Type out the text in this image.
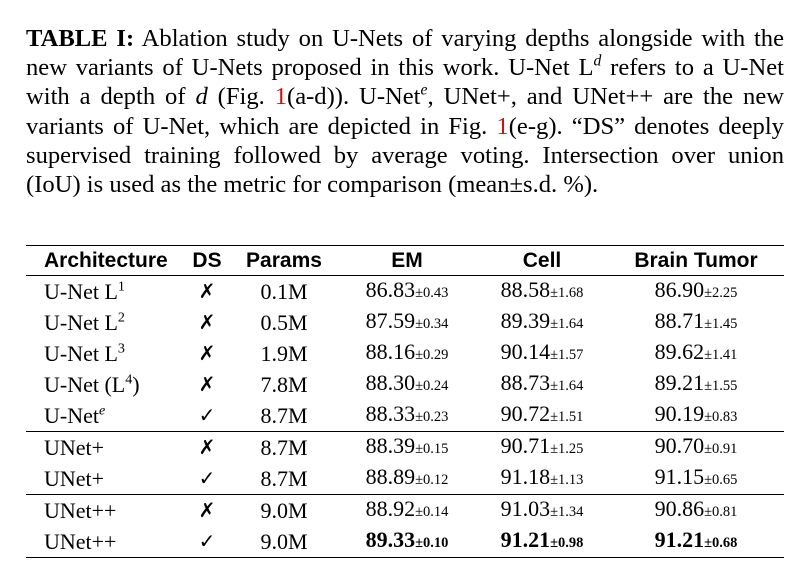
TABLE I: Ablation study on U-Nets of varying depths alongside with the new variants of U-Nets proposed in this work. U-Net $L^d$ refers to a U-Net with a depth of d (Fig. 1(a-d)). U-Net$^e$, UNet+, and UNet++ are the new variants of U-Net, which are depicted in Fig. 1(e-g). “DS” denotes deeply supervised training followed by average voting. Intersection over union (IoU) is used as the metric for comparison (mean±s.d. %).
Architecture	DS	Params	EM	Cell	Brain Tumor
U-Net $L^1$	✗	0.1M	86.83±0.43	88.58±1.68	86.90±2.25
U-Net $L^2$	✗	0.5M	87.59±0.34	89.39±1.64	88.71±1.45
U-Net $L^3$	✗	1.9M	88.16±0.29	90.14±1.57	89.62±1.41
U-Net $(L^4)$	✗	7.8M	88.30±0.24	88.73±1.64	89.21±1.55
U-Net$^e$	✓	8.7M	88.33±0.23	90.72±1.51	90.19±0.83
UNet+	✗	8.7M	88.39±0.15	90.71±1.25	90.70±0.91
UNet+	✓	8.7M	88.89±0.12	91.18±1.13	91.15±0.65
UNet++	✗	9.0M	88.92±0.14	91.03±1.34	90.86±0.81
UNet++	✓	9.0M	89.33±0.10	91.21±0.98	91.21±0.68
